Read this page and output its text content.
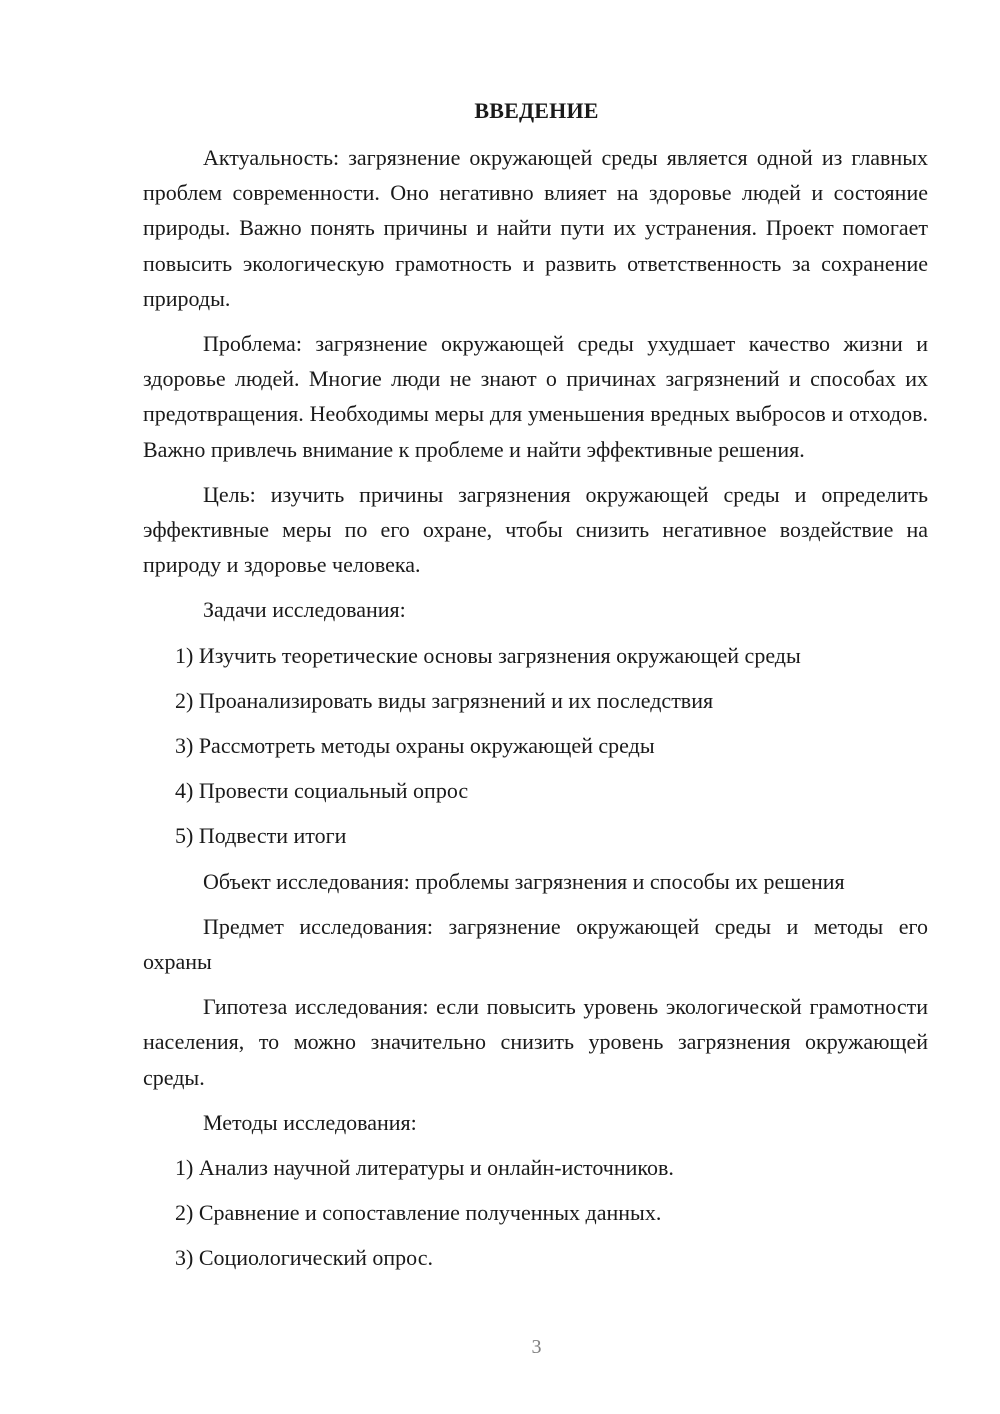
ВВЕДЕНИЕ

Актуальность: загрязнение окружающей среды является одной из главных проблем современности. Оно негативно влияет на здоровье людей и состояние природы. Важно понять причины и найти пути их устранения. Проект помогает повысить экологическую грамотность и развить ответственность за сохранение природы.

Проблема: загрязнение окружающей среды ухудшает качество жизни и здоровье людей. Многие люди не знают о причинах загрязнений и способах их предотвращения. Необходимы меры для уменьшения вредных выбросов и отходов. Важно привлечь внимание к проблеме и найти эффективные решения.

Цель: изучить причины загрязнения окружающей среды и определить эффективные меры по его охране, чтобы снизить негативное воздействие на природу и здоровье человека.

Задачи исследования:

1) Изучить теоретические основы загрязнения окружающей среды

2) Проанализировать виды загрязнений и их последствия

3) Рассмотреть методы охраны окружающей среды

4) Провести социальный опрос

5) Подвести итоги

Объект исследования: проблемы загрязнения и способы их решения

Предмет исследования: загрязнение окружающей среды и методы его охраны

Гипотеза исследования: если повысить уровень экологической грамотности населения, то можно значительно снизить уровень загрязнения окружающей среды.

Методы исследования:

1) Анализ научной литературы и онлайн-источников.

2) Сравнение и сопоставление полученных данных.

3) Социологический опрос.

3
